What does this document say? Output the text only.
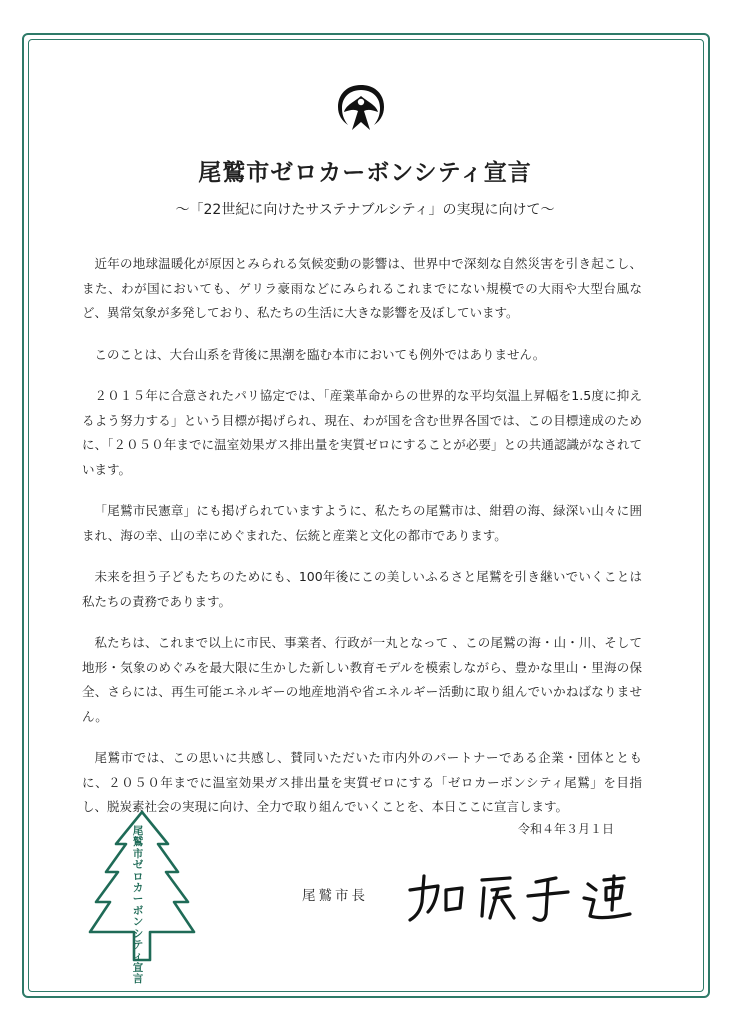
尾鷲市ゼロカーボンシティ宣言
～「22世紀に向けたサステナブルシティ」の実現に向けて～

近年の地球温暖化が原因とみられる気候変動の影響は、世界中で深刻な自然災害を引き起こし、また、わが国においても、ゲリラ豪雨などにみられるこれまでにない規模での大雨や大型台風など、異常気象が多発しており、私たちの生活に大きな影響を及ぼしています。

このことは、大台山系を背後に黒潮を臨む本市においても例外ではありません。

２０１５年に合意されたパリ協定では、「産業革命からの世界的な平均気温上昇幅を1.5度に抑えるよう努力する」という目標が掲げられ、現在、わが国を含む世界各国では、この目標達成のために、「２０５０年までに温室効果ガス排出量を実質ゼロにすることが必要」との共通認識がなされています。

「尾鷲市民憲章」にも掲げられていますように、私たちの尾鷲市は、紺碧の海、緑深い山々に囲まれ、海の幸、山の幸にめぐまれた、伝統と産業と文化の都市であります。

未来を担う子どもたちのためにも、100年後にこの美しいふるさと尾鷲を引き継いでいくことは私たちの責務であります。

私たちは、これまで以上に市民、事業者、行政が一丸となって 、この尾鷲の海・山・川、そして地形・気象のめぐみを最大限に生かした新しい教育モデルを模索しながら、豊かな里山・里海の保全、さらには、再生可能エネルギーの地産地消や省エネルギー活動に取り組んでいかねばなりません。

尾鷲市では、この思いに共感し、賛同いただいた市内外のパートナーである企業・団体とともに、２０５０年までに温室効果ガス排出量を実質ゼロにする「ゼロカーボンシティ尾鷲」を目指し、脱炭素社会の実現に向け、全力で取り組んでいくことを、本日ここに宣言します。

令和４年３月１日
尾鷲市長
尾鷲市ゼロカーボンシティ宣言
